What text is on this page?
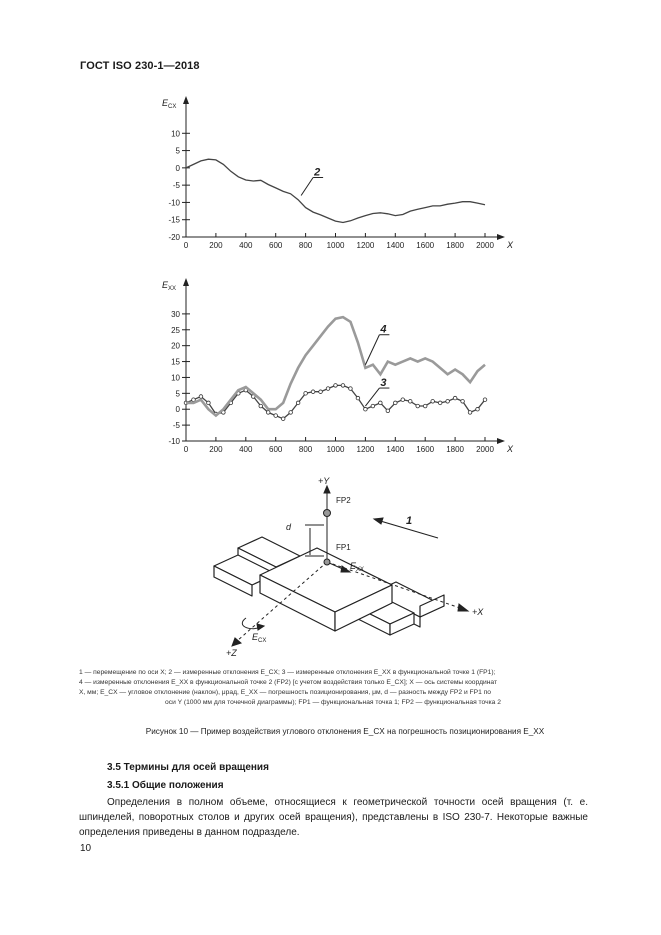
ГОСТ ISO 230-1—2018
0	200 400 600 800 1000 1200 1400 1600 1800 2000
-20
-15
-10
-5
0
5
10
X
$E_{CX}$
2
0	200 400 600 800 1000 1200 1400 1600 1800 2000
-10
-5
0
5
10
15
20
25
30
X
$E_{XX}$
3
4
+Y
FP2
FP1
d
$E_{XX}$
$E_{CX}$
+X
+Z
1
1 — перемещение по оси X; 2 — измеренные отклонения E_CX; 3 — измеренные отклонения E_XX в функциональной точке 1 (FP1);
4 — измеренные отклонения E_XX в функциональной точке 2 (FP2) [с учетом воздействия только E_CX]; X — ось системы координат
X, мм; E_CX — угловое отклонение (наклон), μрад, E_XX — погрешность позиционирования, μм, d — разность между FP2 и FP1 по
оси Y (1000 мм для точечной диаграммы); FP1 — функциональная точка 1; FP2 — функциональная точка 2
Рисунок 10 — Пример воздействия углового отклонения E_CX на погрешность позиционирования E_XX
3.5 Термины для осей вращения
3.5.1 Общие положения
Определения в полном объеме, относящиеся к геометрической точности осей вращения (т. е. шпинделей, поворотных столов и других осей вращения), представлены в ISO 230-7. Некоторые важные определения приведены в данном подразделе.
10
